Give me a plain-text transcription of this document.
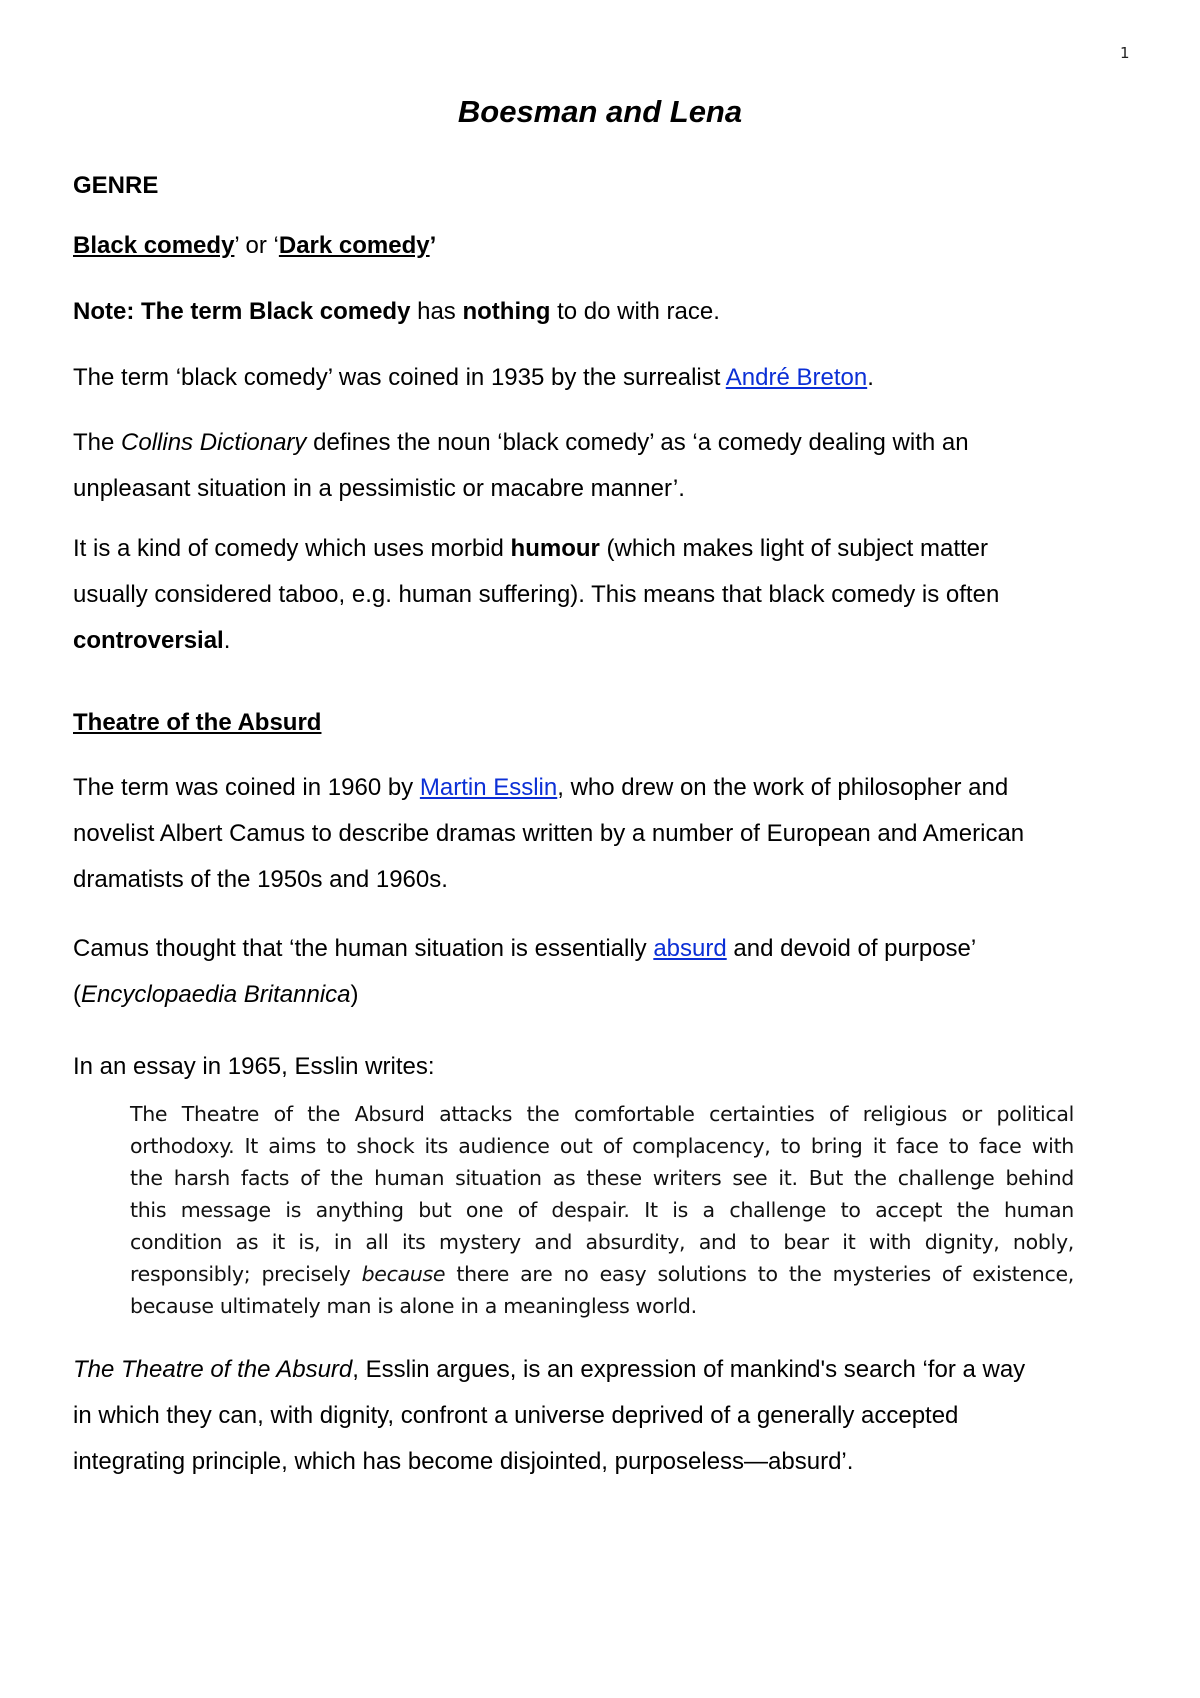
1
Boesman and Lena

GENRE

Black comedy’ or ‘Dark comedy’

Note: The term Black comedy has nothing to do with race.

The term ‘black comedy’ was coined in 1935 by the surrealist André Breton.

The Collins Dictionary defines the noun ‘black comedy’ as ‘a comedy dealing with an
unpleasant situation in a pessimistic or macabre manner’.

It is a kind of comedy which uses morbid humour (which makes light of subject matter
usually considered taboo, e.g. human suffering). This means that black comedy is often
controversial.

Theatre of the Absurd

The term was coined in 1960 by Martin Esslin, who drew on the work of philosopher and
novelist Albert Camus to describe dramas written by a number of European and American
dramatists of the 1950s and 1960s.

Camus thought that ‘the human situation is essentially absurd and devoid of purpose’
(Encyclopaedia Britannica)

In an essay in 1965, Esslin writes:

The Theatre of the Absurd, Esslin argues, is an expression of mankind's search ‘for a way
in which they can, with dignity, confront a universe deprived of a generally accepted
integrating principle, which has become disjointed, purposeless—absurd’.

The Theatre of the Absurd attacks the comfortable certainties of religious or political
orthodoxy. It aims to shock its audience out of complacency, to bring it face to face with
the harsh facts of the human situation as these writers see it. But the challenge behind
this message is anything but one of despair. It is a challenge to accept the human
condition as it is, in all its mystery and absurdity, and to bear it with dignity, nobly,
responsibly; precisely because there are no easy solutions to the mysteries of existence,
because ultimately man is alone in a meaningless world.
